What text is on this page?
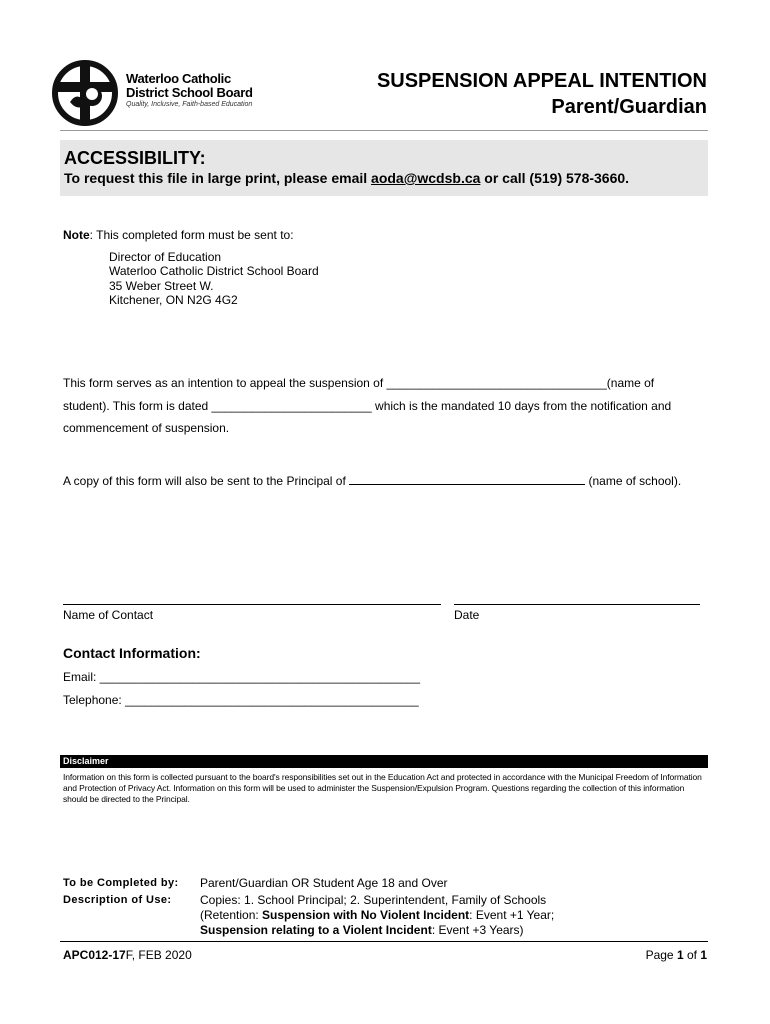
Waterloo Catholic
District School Board
Quality, Inclusive, Faith-based Education
SUSPENSION APPEAL INTENTION
Parent/Guardian
ACCESSIBILITY:
To request this file in large print, please email aoda@wcdsb.ca or call (519) 578-3660.
Note: This completed form must be sent to:
Director of Education
Waterloo Catholic District School Board
35 Weber Street W.
Kitchener, ON N2G 4G2
This form serves as an intention to appeal the suspension of _________________________________(name of
student). This form is dated ________________________ which is the mandated 10 days from the notification and
commencement of suspension.
A copy of this form will also be sent to the Principal of	(name of school).
Name of Contact	Date
Contact Information:
Email: ________________________________________________
Telephone: ____________________________________________
Disclaimer
Information on this form is collected pursuant to the board's responsibilities set out in the Education Act and protected in accordance with the Municipal Freedom of Information and Protection of Privacy Act. Information on this form will be used to administer the Suspension/Expulsion Program. Questions regarding the collection of this information should be directed to the Principal.
To be Completed by: Parent/Guardian OR Student Age 18 and Over
Description of Use: Copies: 1. School Principal; 2. Superintendent, Family of Schools
(Retention: Suspension with No Violent Incident: Event +1 Year;
Suspension relating to a Violent Incident: Event +3 Years)
APC012-17F, FEB 2020	Page 1 of 1
